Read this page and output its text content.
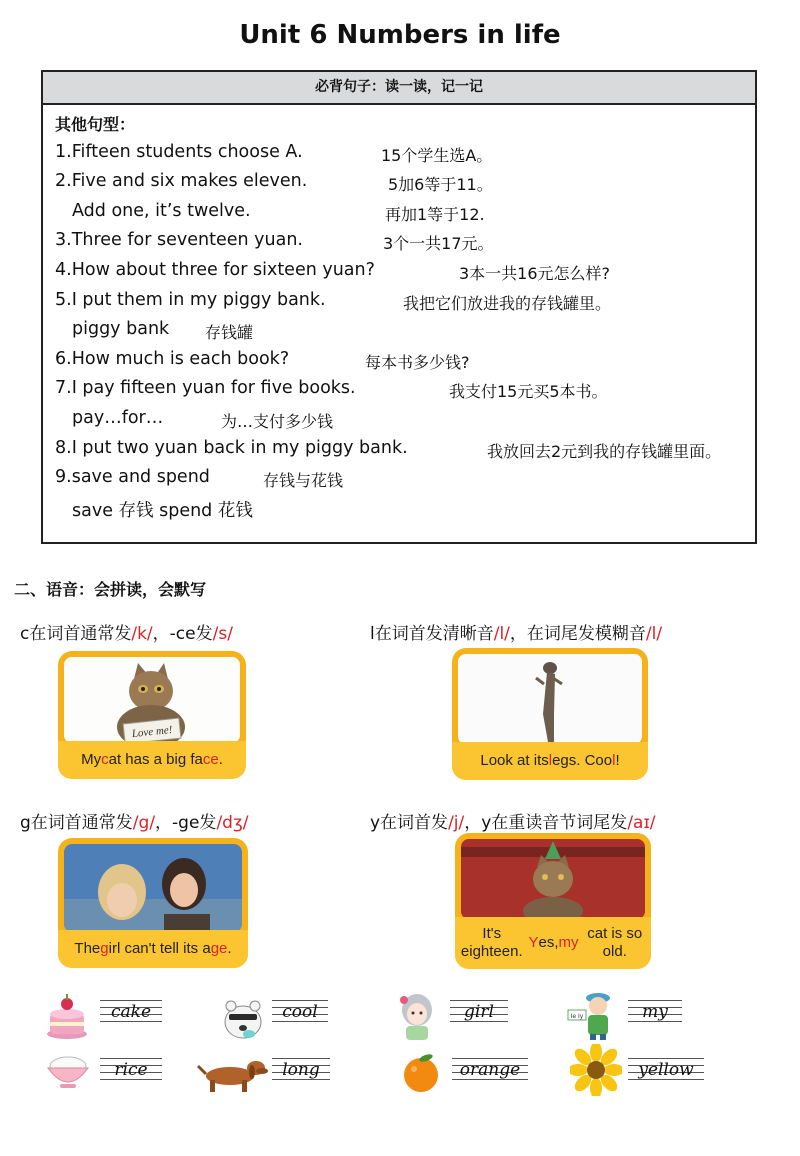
Unit 6 Numbers in life
必背句子：读一读，记一记
其他句型：
1.Fifteen students choose A.	15个学生选A。
2.Five and six makes eleven.	5加6等于11。
Add one, it’s twelve.	再加1等于12.
3.Three for seventeen yuan.	3个一共17元。
4.How about three for sixteen yuan?	3本一共16元怎么样?
5.I put them in my piggy bank.	我把它们放进我的存钱罐里。
piggy bank 存钱罐
6.How much is each book?	每本书多少钱?
7.I pay fifteen yuan for five books.	我支付15元买5本书。
pay…for…	为…支付多少钱
8.I put two yuan back in my piggy bank.	我放回去2元到我的存钱罐里面。
9.save and spend	存钱与花钱
save 存钱 spend 花钱
二、语音：会拼读，会默写
c在词首通常发/k/，-ce发/s/	l在词首发清晰音/l/，在词尾发模糊音/l/
g在词首通常发/g/，-ge发/dʒ/	y在词首发/j/，y在重读音节词尾发/aɪ/
Love me!
My c at has a big fa ce .	Look at its l egs. Coo l !
The g irl can't tell its a ge .
It's eighteen.
Y es, my
cat is so old.
Ie Iy
cake	cool	girl	my
rice	long	orange	yellow
